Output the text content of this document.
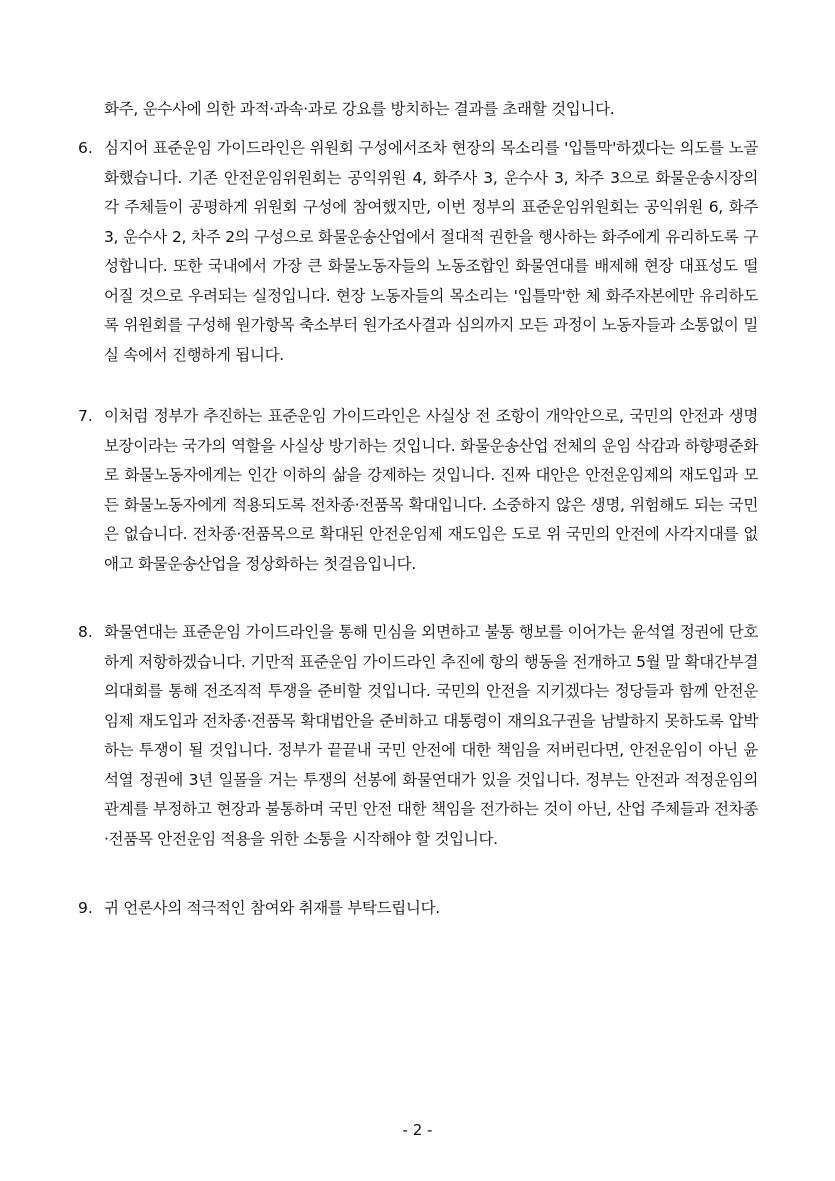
화주, 운수사에 의한 과적·과속·과로 강요를 방치하는 결과를 초래할 것입니다.
6. 심지어 표준운임 가이드라인은 위원회 구성에서조차 현장의 목소리를 '입틀막'하겠다는 의도를 노골화했습니다. 기존 안전운임위원회는 공익위원 4, 화주사 3, 운수사 3, 차주 3으로 화물운송시장의 각 주체들이 공평하게 위원회 구성에 참여했지만, 이번 정부의 표준운임위원회는 공익위원 6, 화주 3, 운수사 2, 차주 2의 구성으로 화물운송산업에서 절대적 권한을 행사하는 화주에게 유리하도록 구성합니다. 또한 국내에서 가장 큰 화물노동자들의 노동조합인 화물연대를 배제해 현장 대표성도 떨어질 것으로 우려되는 실정입니다. 현장 노동자들의 목소리는 '입틀막'한 체 화주자본에만 유리하도록 위원회를 구성해 원가항목 축소부터 원가조사결과 심의까지 모든 과정이 노동자들과 소통없이 밀실 속에서 진행하게 됩니다.
7. 이처럼 정부가 추진하는 표준운임 가이드라인은 사실상 전 조항이 개악안으로, 국민의 안전과 생명보장이라는 국가의 역할을 사실상 방기하는 것입니다. 화물운송산업 전체의 운임 삭감과 하향평준화로 화물노동자에게는 인간 이하의 삶을 강제하는 것입니다. 진짜 대안은 안전운임제의 재도입과 모든 화물노동자에게 적용되도록 전차종·전품목 확대입니다. 소중하지 않은 생명, 위험해도 되는 국민은 없습니다. 전차종·전품목으로 확대된 안전운임제 재도입은 도로 위 국민의 안전에 사각지대를 없애고 화물운송산업을 정상화하는 첫걸음입니다.
8. 화물연대는 표준운임 가이드라인을 통해 민심을 외면하고 불통 행보를 이어가는 윤석열 정권에 단호하게 저항하겠습니다. 기만적 표준운임 가이드라인 추진에 항의 행동을 전개하고 5월 말 확대간부결의대회를 통해 전조직적 투쟁을 준비할 것입니다. 국민의 안전을 지키겠다는 정당들과 함께 안전운임제 재도입과 전차종·전품목 확대법안을 준비하고 대통령이 재의요구권을 남발하지 못하도록 압박하는 투쟁이 될 것입니다. 정부가 끝끝내 국민 안전에 대한 책임을 저버린다면, 안전운임이 아닌 윤석열 정권에 3년 일몰을 거는 투쟁의 선봉에 화물연대가 있을 것입니다. 정부는 안전과 적정운임의 관계를 부정하고 현장과 불통하며 국민 안전 대한 책임을 전가하는 것이 아닌, 산업 주체들과 전차종·전품목 안전운임 적용을 위한 소통을 시작해야 할 것입니다.
9. 귀 언론사의 적극적인 참여와 취재를 부탁드립니다.
- 2 -
